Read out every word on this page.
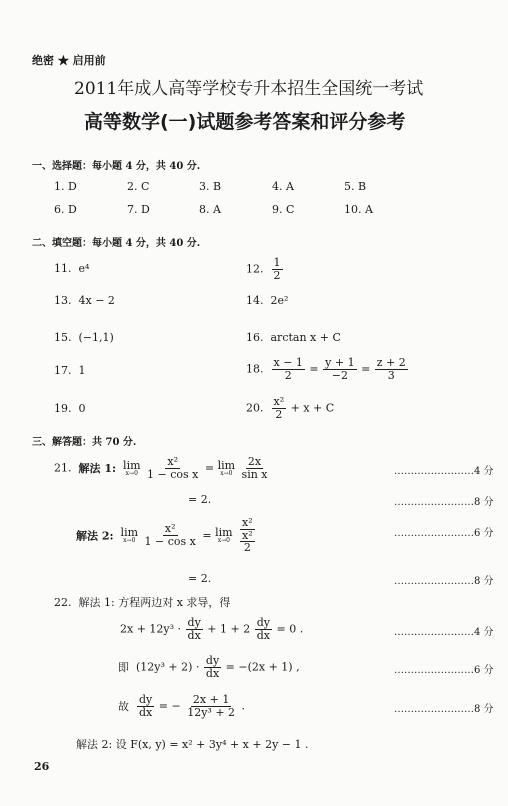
绝密 ★ 启用前
2011年成人高等学校专升本招生全国统一考试
高等数学(一)试题参考答案和评分参考
一、选择题：每小题 4 分，共 40 分.
1. D	2. C	3. B	4. A	5. B
6. D	7. D	8. A	9. C	10. A
二、填空题：每小题 4 分，共 40 分.
11. e⁴	12. $\frac{1}{2}$
13. 4x − 2	14. 2e²
15. (−1,1)	16. arctan x + C
17. 1	18. $\frac{x - 1}{2} = \frac{y + 1}{-2} = \frac{z + 2}{3}$
19. 0	20. $\frac{\text{x²}}{2} + x + C$
三、解答题：共 70 分.
21. 解法 1: lim
x→0
$\frac{\text{x²}}{\text{1 − cos x}} = \lim$
x→0
$\frac{2x}{\text{sin x}}$	……………………4 分
= 2.	……………………8 分
解法 2: lim
x→0
$\frac{\text{x²}}{\text{1 − cos x}} = \lim$
x→0
$\frac{\text{x²}}{\frac{\text{x²}}{2}}$	……………………6 分
= 2.	……………………8 分
22. 解法 1: 方程两边对 x 求导，得
$2x + 12y^3 \cdot \frac{dy}{dx} + 1 + 2 \frac{dy}{dx} = 0$ .	……………………4 分
即 $(12y^3 + 2) \cdot \frac{dy}{dx} = -(2x + 1)$ ,	……………………6 分
故 $\frac{dy}{dx}$ = − $\frac{2x + 1}{\text{12y³ + 2}}$ .	……………………8 分
解法 2: 设 F(x, y) = x² + 3y⁴ + x + 2y − 1 .
26
